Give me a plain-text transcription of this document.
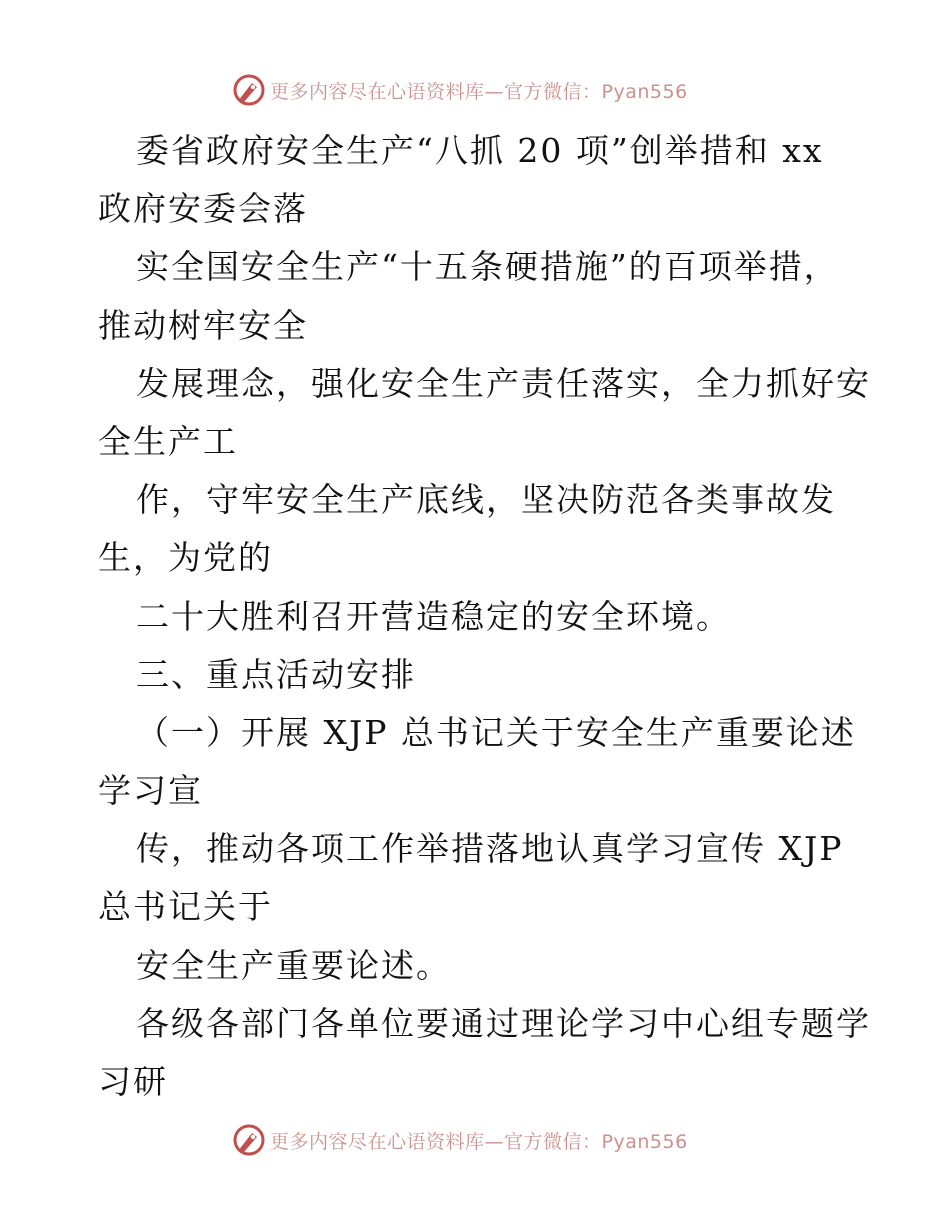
更多内容尽在心语资料库—官方微信：Pyan556
委省政府安全生产“八抓 20 项”创举措和 xx
政府安委会落
实全国安全生产“十五条硬措施”的百项举措，
推动树牢安全
发展理念，强化安全生产责任落实，全力抓好安
全生产工
作，守牢安全生产底线，坚决防范各类事故发
生，为党的
二十大胜利召开营造稳定的安全环境。
三、重点活动安排
（一）开展 XJP 总书记关于安全生产重要论述
学习宣
传，推动各项工作举措落地认真学习宣传 XJP
总书记关于
安全生产重要论述。
各级各部门各单位要通过理论学习中心组专题学
习研
更多内容尽在心语资料库—官方微信：Pyan556
